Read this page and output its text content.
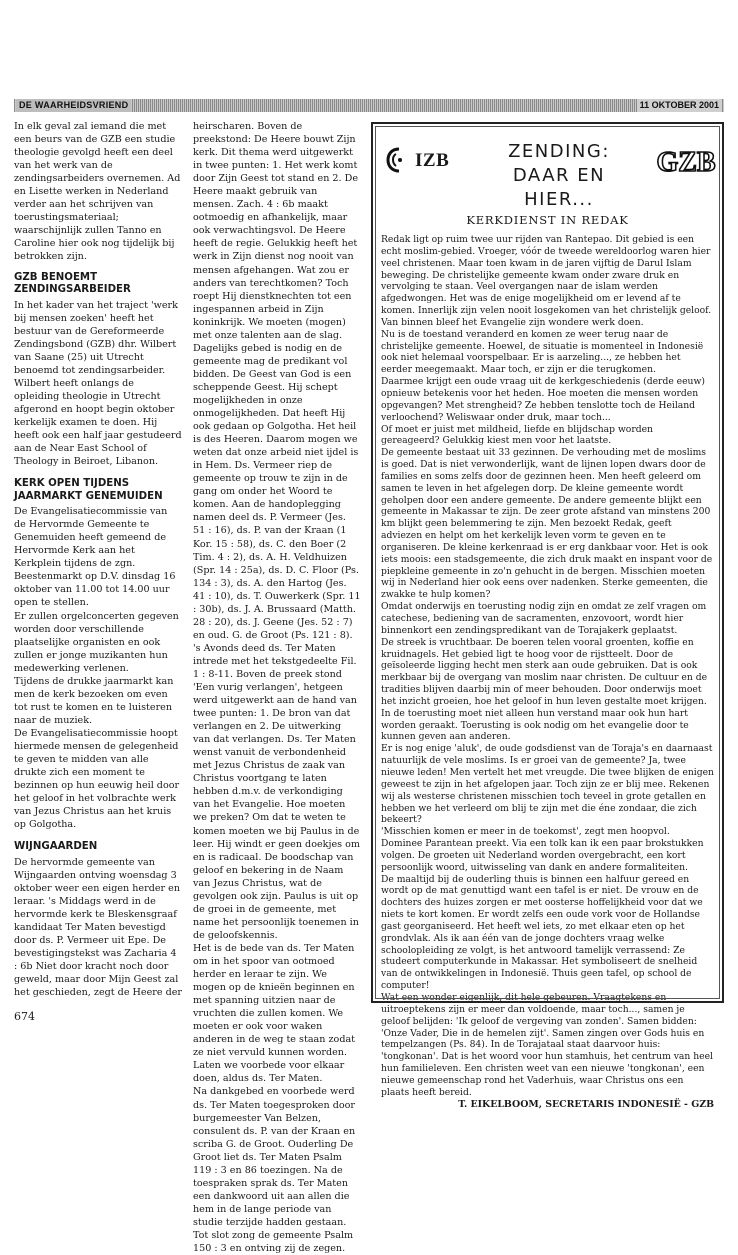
DE WAARHEIDSVRIEND	11 OKTOBER 2001

In elk geval zal iemand die met een beurs van de GZB een studie theologie gevolgd heeft een deel van het werk van de zendingsarbeiders overnemen. Ad en Lisette werken in Nederland verder aan het schrijven van toerustingsmateriaal; waarschijnlijk zullen Tanno en Caroline hier ook nog tijdelijk bij betrokken zijn.

GZB BENOEMT ZENDINGSARBEIDER

In het kader van het traject 'werk bij mensen zoeken' heeft het bestuur van de Gereformeerde Zendingsbond (GZB) dhr. Wilbert van Saane (25) uit Utrecht benoemd tot zendingsarbeider. Wilbert heeft onlangs de opleiding theologie in Utrecht afgerond en hoopt begin oktober kerkelijk examen te doen. Hij heeft ook een half jaar gestudeerd aan de Near East School of Theology in Beiroet, Libanon.

KERK OPEN TIJDENS JAARMARKT GENEMUIDEN

De Evangelisatiecommissie van de Hervormde Gemeente te Genemuiden heeft gemeend de Hervormde Kerk aan het Kerkplein tijdens de zgn. Beestenmarkt op D.V. dinsdag 16 oktober van 11.00 tot 14.00 uur open te stellen.

Er zullen orgelconcerten gegeven worden door verschillende plaatselijke organisten en ook zullen er jonge muzikanten hun medewerking verlenen.

Tijdens de drukke jaarmarkt kan men de kerk bezoeken om even tot rust te komen en te luisteren naar de muziek.

De Evangelisatiecommissie hoopt hiermede mensen de gelegenheid te geven te midden van alle drukte zich een moment te bezinnen op hun eeuwig heil door het geloof in het volbrachte werk van Jezus Christus aan het kruis op Golgotha.

WIJNGAARDEN

De hervormde gemeente van Wijngaarden ontving woensdag 3 oktober weer een eigen herder en leraar. 's Middags werd in de hervormde kerk te Bleskensgraaf kandidaat Ter Maten bevestigd door ds. P. Vermeer uit Epe. De bevestigingstekst was Zacharia 4 : 6b Niet door kracht noch door geweld, maar door Mijn Geest zal het geschieden, zegt de Heere der

heirscharen. Boven de preekstond: De Heere bouwt Zijn kerk. Dit thema werd uitgewerkt in twee punten: 1. Het werk komt door Zijn Geest tot stand en 2. De Heere maakt gebruik van mensen. Zach. 4 : 6b maakt ootmoedig en afhankelijk, maar ook verwachtingsvol. De Heere heeft de regie. Gelukkig heeft het werk in Zijn dienst nog nooit van mensen afgehangen. Wat zou er anders van terechtkomen? Toch roept Hij dienstknechten tot een ingespannen arbeid in Zijn koninkrijk. We moeten (mogen) met onze talenten aan de slag. Dagelijks gebed is nodig en de gemeente mag de predikant vol bidden. De Geest van God is een scheppende Geest. Hij schept mogelijkheden in onze onmogelijkheden. Dat heeft Hij ook gedaan op Golgotha. Het heil is des Heeren. Daarom mogen we weten dat onze arbeid niet ijdel is in Hem. Ds. Vermeer riep de gemeente op trouw te zijn in de gang om onder het Woord te komen. Aan de handoplegging namen deel ds. P. Vermeer (Jes. 51 : 16), ds. P. van der Kraan (1 Kor. 15 : 58), ds. C. den Boer (2 Tim. 4 : 2), ds. A. H. Veldhuizen (Spr. 14 : 25a), ds. D. C. Floor (Ps. 134 : 3), ds. A. den Hartog (Jes. 41 : 10), ds. T. Ouwerkerk (Spr. 11 : 30b), ds. J. A. Brussaard (Matth. 28 : 20), ds. J. Geene (Jes. 52 : 7) en oud. G. de Groot (Ps. 121 : 8).

's Avonds deed ds. Ter Maten intrede met het tekstgedeelte Fil. 1 : 8-11. Boven de preek stond 'Een vurig verlangen', hetgeen werd uitgewerkt aan de hand van twee punten: 1. De bron van dat verlangen en 2. De uitwerking van dat verlangen. Ds. Ter Maten wenst vanuit de verbondenheid met Jezus Christus de zaak van Christus voortgang te laten hebben d.m.v. de verkondiging van het Evangelie. Hoe moeten we preken? Om dat te weten te komen moeten we bij Paulus in de leer. Hij windt er geen doekjes om en is radicaal. De boodschap van geloof en bekering in de Naam van Jezus Christus, wat de gevolgen ook zijn. Paulus is uit op de groei in de gemeente, met name het persoonlijk toenemen in de geloofskennis.

Het is de bede van ds. Ter Maten om in het spoor van ootmoed herder en leraar te zijn. We mogen op de knieën beginnen en met spanning uitzien naar de vruchten die zullen komen. We moeten er ook voor waken anderen in de weg te staan zodat ze niet vervuld kunnen worden. Laten we voorbede voor elkaar doen, aldus ds. Ter Maten.

Na dankgebed en voorbede werd ds. Ter Maten toegesproken door burgemeester Van Belzen, consulent ds. P. van der Kraan en scriba G. de Groot. Ouderling De Groot liet ds. Ter Maten Psalm 119 : 3 en 86 toezingen. Na de toespraken sprak ds. Ter Maten een dankwoord uit aan allen die hem in de lange periode van studie terzijde hadden gestaan. Tot slot zong de gemeente Psalm 150 : 3 en ontving zij de zegen.

674
IZB	ZENDING:
DAAR EN HIER...
GZB
KERKDIENST IN REDAK

Redak ligt op ruim twee uur rijden van Rantepao. Dit gebied is een echt moslim-gebied. Vroeger, vóór de tweede wereldoorlog waren hier veel christenen. Maar toen kwam in de jaren vijftig de Darul Islam beweging. De christelijke gemeente kwam onder zware druk en vervolging te staan. Veel overgangen naar de islam werden afgedwongen. Het was de enige mogelijkheid om er levend af te komen. Innerlijk zijn velen nooit losgekomen van het christelijk geloof. Van binnen bleef het Evangelie zijn wondere werk doen.

Nu is de toestand veranderd en komen ze weer terug naar de christelijke gemeente. Hoewel, de situatie is momenteel in Indonesië ook niet helemaal voorspelbaar. Er is aarzeling..., ze hebben het eerder meegemaakt. Maar toch, er zijn er die terugkomen.

Daarmee krijgt een oude vraag uit de kerkgeschiedenis (derde eeuw) opnieuw betekenis voor het heden. Hoe moeten die mensen worden opgevangen? Met strengheid? Ze hebben tenslotte toch de Heiland verloochend? Weliswaar onder druk, maar toch...

Of moet er juist met mildheid, liefde en blijdschap worden gereageerd? Gelukkig kiest men voor het laatste.

De gemeente bestaat uit 33 gezinnen. De verhouding met de moslims is goed. Dat is niet verwonderlijk, want de lijnen lopen dwars door de families en soms zelfs door de gezinnen heen. Men heeft geleerd om samen te leven in het afgelegen dorp. De kleine gemeente wordt geholpen door een andere gemeente. De andere gemeente blijkt een gemeente in Makassar te zijn. De zeer grote afstand van minstens 200 km blijkt geen belemmering te zijn. Men bezoekt Redak, geeft adviezen en helpt om het kerkelijk leven vorm te geven en te organiseren. De kleine kerkenraad is er erg dankbaar voor. Het is ook iets moois: een stadsgemeente, die zich druk maakt en inspant voor de piepkleine gemeente in zo'n gehucht in de bergen. Misschien moeten wij in Nederland hier ook eens over nadenken. Sterke gemeenten, die zwakke te hulp komen?

Omdat onderwijs en toerusting nodig zijn en omdat ze zelf vragen om catechese, bediening van de sacramenten, enzovoort, wordt hier binnenkort een zendingspredikant van de Torajakerk geplaatst.

De streek is vruchtbaar. De boeren telen vooral groenten, koffie en kruidnagels. Het gebied ligt te hoog voor de rijstteelt. Door de geïsoleerde ligging hecht men sterk aan oude gebruiken. Dat is ook merkbaar bij de overgang van moslim naar christen. De cultuur en de tradities blijven daarbij min of meer behouden. Door onderwijs moet het inzicht groeien, hoe het geloof in hun leven gestalte moet krijgen. In de toerusting moet niet alleen hun verstand maar ook hun hart worden geraakt. Toerusting is ook nodig om het evangelie door te kunnen geven aan anderen.

Er is nog enige 'aluk', de oude godsdienst van de Toraja's en daarnaast natuurlijk de vele moslims. Is er groei van de gemeente? Ja, twee nieuwe leden! Men vertelt het met vreugde. Die twee blijken de enigen geweest te zijn in het afgelopen jaar. Toch zijn ze er blij mee. Rekenen wij als westerse christenen misschien toch teveel in grote getallen en hebben we het verleerd om blij te zijn met die éne zondaar, die zich bekeert?

'Misschien komen er meer in de toekomst', zegt men hoopvol.

Dominee Parantean preekt. Via een tolk kan ik een paar brokstukken volgen. De groeten uit Nederland worden overgebracht, een kort persoonlijk woord, uitwisseling van dank en andere formaliteiten.

De maaltijd bij de ouderling thuis is binnen een halfuur gereed en wordt op de mat genuttigd want een tafel is er niet. De vrouw en de dochters des huizes zorgen er met oosterse hoffelijkheid voor dat we niets te kort komen. Er wordt zelfs een oude vork voor de Hollandse gast georganiseerd. Het heeft wel iets, zo met elkaar eten op het grondvlak. Als ik aan één van de jonge dochters vraag welke schoolopleiding ze volgt, is het antwoord tamelijk verrassend: Ze studeert computerkunde in Makassar. Het symboliseert de snelheid van de ontwikkelingen in Indonesië. Thuis geen tafel, op school de computer!

Wat een wonder eigenlijk, dit hele gebeuren. Vraagtekens en uitroeptekens zijn er meer dan voldoende, maar toch..., samen je geloof belijden: 'Ik geloof de vergeving van zonden'. Samen bidden: 'Onze Vader, Die in de hemelen zijt'. Samen zingen over Gods huis en tempelzangen (Ps. 84). In de Torajataal staat daarvoor huis: 'tongkonan'. Dat is het woord voor hun stamhuis, het centrum van heel hun familieleven. Een christen weet van een nieuwe 'tongkonan', een nieuwe gemeenschap rond het Vaderhuis, waar Christus ons een plaats heeft bereid.

T. EIKELBOOM, SECRETARIS INDONESIË - GZB
